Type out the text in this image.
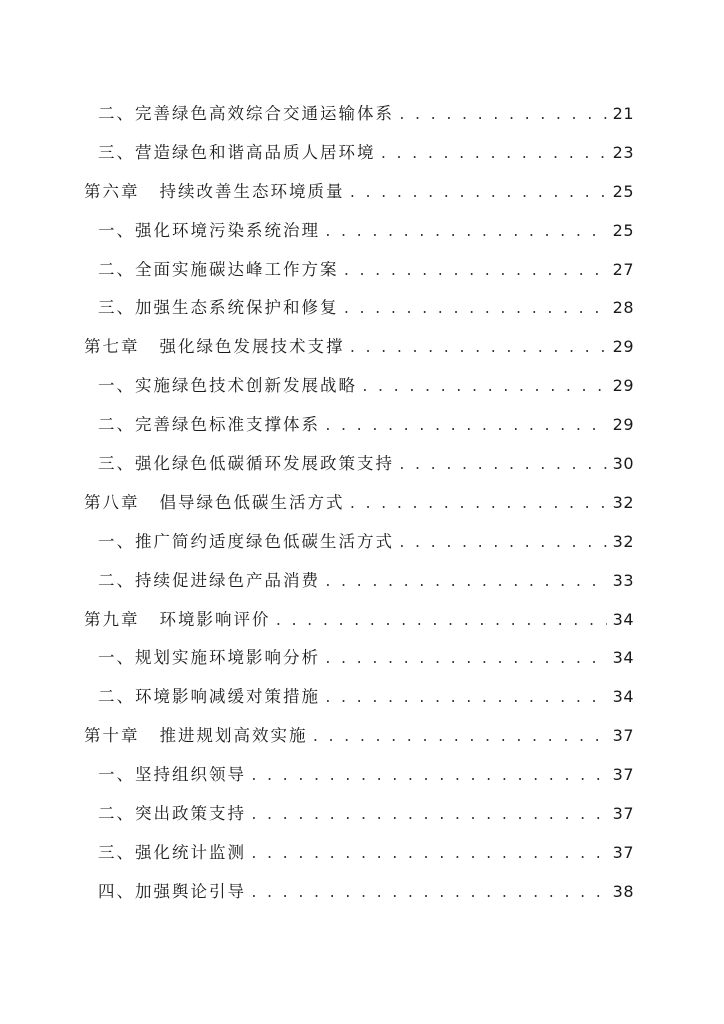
二、 完善绿色高效综合交通运输体系 . . .	21
三、 营造绿色和谐高品质人居环境 . . .	23
第六章 持续改善生态环境质量 . . .	25
一、 强化环境污染系统治理 . . .	25
二、 全面实施碳达峰工作方案 . . .	27
三、 加强生态系统保护和修复 . . .	28
第七章 强化绿色发展技术支撑 . . .	29
一、 实施绿色技术创新发展战略 . . .	29
二、 完善绿色标准支撑体系 . . .	29
三、 强化绿色低碳循环发展政策支持 . . .	30
第八章 倡导绿色低碳生活方式 . . .	32
一、 推广简约适度绿色低碳生活方式 . . .	32
二、 持续促进绿色产品消费 . . .	33
第九章 环境影响评价 . . .	34
一、 规划实施环境影响分析 . . .	34
二、 环境影响减缓对策措施 . . .	34
第十章 推进规划高效实施 . . .	37
一、 坚持组织领导 . . .	37
二、 突出政策支持 . . .	37
三、 强化统计监测 . . .	37
四、 加强舆论引导 . . .	38
